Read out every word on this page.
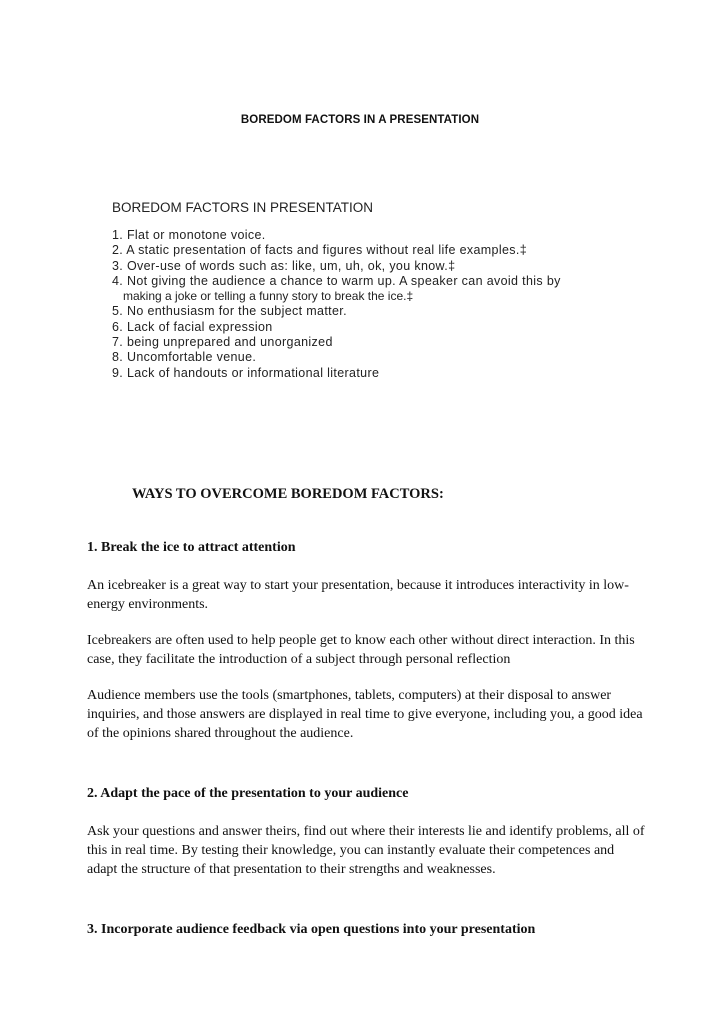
BOREDOM FACTORS IN A PRESENTATION
BOREDOM FACTORS IN PRESENTATION
1. Flat or monotone voice.
2. A static presentation of facts and figures without real life examples.‡
3. Over-use of words such as: like, um, uh, ok, you know.‡
4. Not giving the audience a chance to warm up. A speaker can avoid this by
making a joke or telling a funny story to break the ice.‡
5. No enthusiasm for the subject matter.
6. Lack of facial expression
7. being unprepared and unorganized
8. Uncomfortable venue.
9. Lack of handouts or informational literature
WAYS TO OVERCOME BOREDOM FACTORS:
1. Break the ice to attract attention

An icebreaker is a great way to start your presentation, because it introduces interactivity in low-energy environments.

Icebreakers are often used to help people get to know each other without direct interaction. In this case, they facilitate the introduction of a subject through personal reflection

Audience members use the tools (smartphones, tablets, computers) at their disposal to answer inquiries, and those answers are displayed in real time to give everyone, including you, a good idea of the opinions shared throughout the audience.

2. Adapt the pace of the presentation to your audience

Ask your questions and answer theirs, find out where their interests lie and identify problems, all of this in real time. By testing their knowledge, you can instantly evaluate their competences and adapt the structure of that presentation to their strengths and weaknesses.

3. Incorporate audience feedback via open questions into your presentation
